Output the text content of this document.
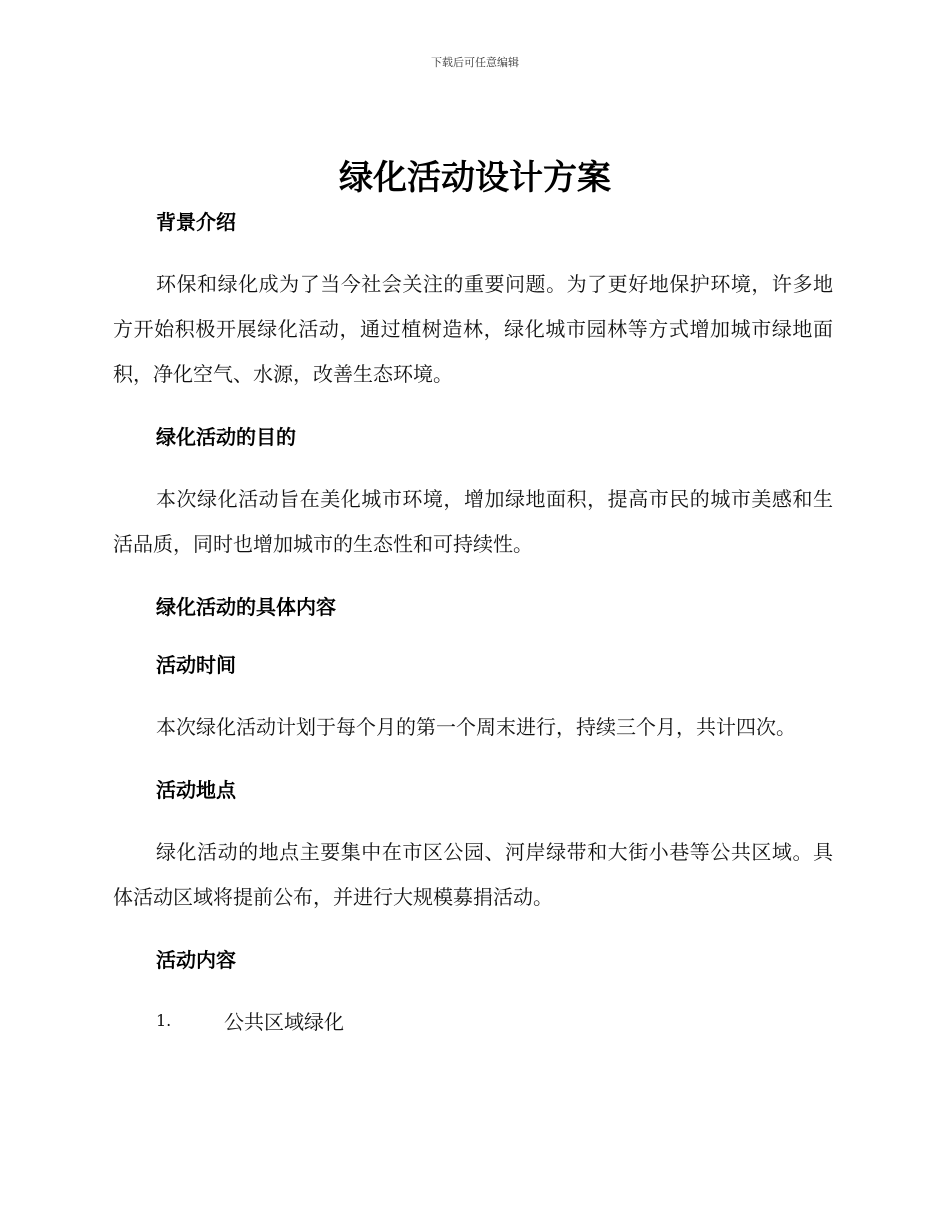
下载后可任意编辑
绿化活动设计方案
背景介绍

环保和绿化成为了当今社会关注的重要问题。为了更好地保护环境，许多地方开始积极开展绿化活动，通过植树造林，绿化城市园林等方式增加城市绿地面积，净化空气、水源，改善生态环境。

绿化活动的目的

本次绿化活动旨在美化城市环境，增加绿地面积，提高市民的城市美感和生活品质，同时也增加城市的生态性和可持续性。

绿化活动的具体内容
活动时间

本次绿化活动计划于每个月的第一个周末进行，持续三个月，共计四次。

活动地点

绿化活动的地点主要集中在市区公园、河岸绿带和大街小巷等公共区域。具体活动区域将提前公布，并进行大规模募捐活动。

活动内容
1.	公共区域绿化
